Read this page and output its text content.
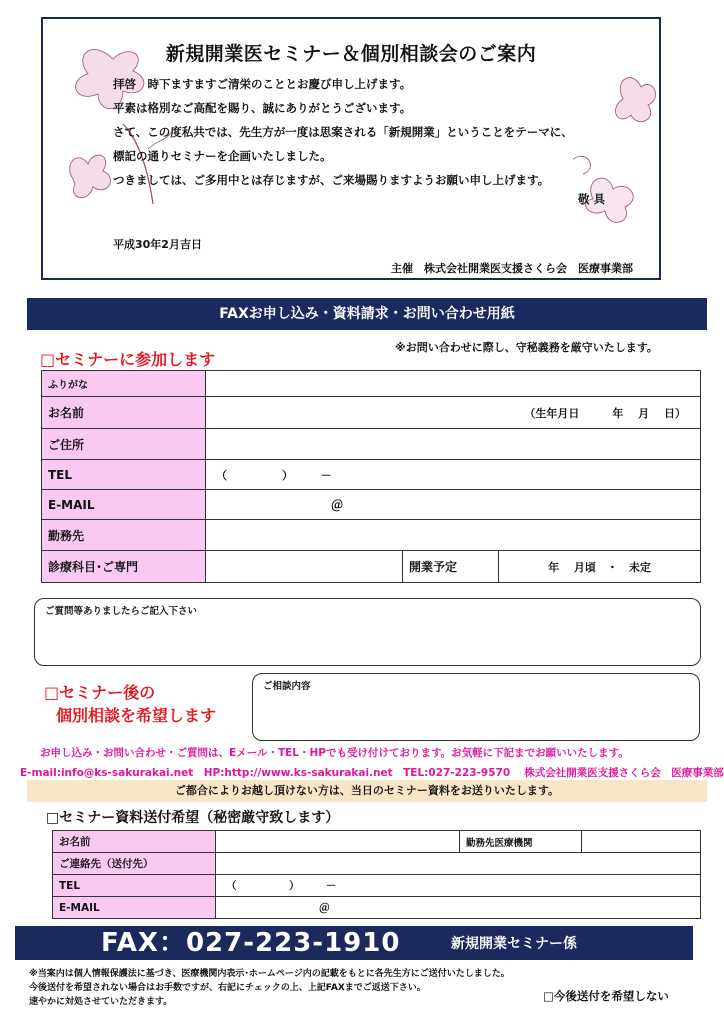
新規開業医セミナー＆個別相談会のご案内
拝啓　時下ますますご清栄のこととお慶び申し上げます。
平素は格別なご高配を賜り、誠にありがとうございます。
さて、この度私共では、先生方が一度は思案される「新規開業」ということをテーマに、
標記の通りセミナーを企画いたしました。
つきましては、ご多用中とは存じますが、ご来場賜りますようお願い申し上げます。
敬具
平成30年2月吉日
主催　株式会社開業医支援さくら会　医療事業部
FAXお申し込み・資料請求・お問い合わせ用紙
※お問い合わせに際し、守秘義務を厳守いたします。
□セミナーに参加します
ふりがな			
お名前	（生年月日　　　年　 月　 日）		
ご住所			
TEL	（　　　　　）　　　－		
E-MAIL	＠		
勤務先			
診療科目･ご専門		開業予定	年　 月頃　・　未定
ご質問等ありましたらご記入下さい
□セミナー後の
個別相談を希望します
ご相談内容
お申し込み・お問い合わせ・ご質問は、Eメール・TEL・HPでも受け付けております。お気軽に下記までお願いいたします。
E-mail:info@ks-sakurakai.net　HP:http://www.ks-sakurakai.net　TEL:027-223-9570　 株式会社開業医支援さくら会　医療事業部
ご都合によりお越し頂けない方は、当日のセミナー資料をお送りいたします。
□セミナー資料送付希望（秘密厳守致します）
お名前		勤務先医療機関	
ご連絡先（送付先）			
TEL	（　　　　　）　　　－		
E-MAIL	＠		
FAX：027-223-1910	新規開業セミナー係
※当案内は個人情報保護法に基づき、医療機関内表示･ホームページ内の記載をもとに各先生方にご送付いたしました。
今後送付を希望されない場合はお手数ですが、右記にチェックの上、上記FAXまでご返送下さい。
速やかに対処させていただきます。	□今後送付を希望しない
